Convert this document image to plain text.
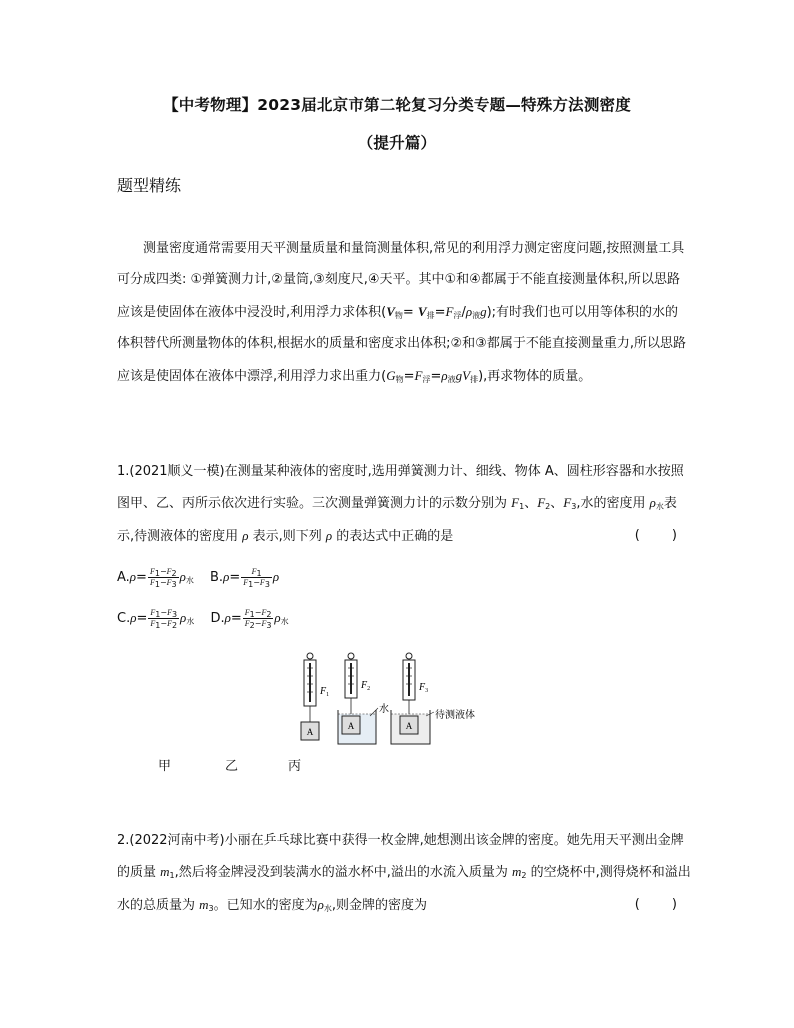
【中考物理】2023届北京市第二轮复习分类专题—特殊方法测密度
（提升篇）
题型精练
测量密度通常需要用天平测量质量和量筒测量体积,常见的利用浮力测定密度问题,按照测量工具可分成四类: ①弹簧测力计,②量筒,③刻度尺,④天平。其中①和④都属于不能直接测量体积,所以思路应该是使固体在液体中浸没时,利用浮力求体积$(V_物= V_排=F_浮/\rho_液g)$;有时我们也可以用等体积的水的体积替代所测量物体的体积,根据水的质量和密度求出体积;②和③都属于不能直接测量重力,所以思路应该是使固体在液体中漂浮,利用浮力求出重力$(G_物=F_浮=\rho_液gV_排)$,再求物体的质量。
1.(2021顺义一模)在测量某种液体的密度时,选用弹簧测力计、细线、物体 A、圆柱形容器和水按照图甲、乙、丙所示依次进行实验。三次测量弹簧测力计的示数分别为 $F_1$、$F_2$、$F_3$,水的密度用 $\rho_水$表示,待测液体的密度用 ρ 表示,则下列 ρ 的表达式中正确的是	( )
$A.\rho= \frac{F_1-F_2}{F_1-F_3} \rho_水$ $B.\rho= \frac{F_1}{F_1-F_3}$ ρ
$C.\rho= \frac{F_1-F_3}{F_1-F_2} \rho_水$ $D.\rho= \frac{F_1-F_2}{F_2-F_3} \rho_水$
A
$F_1$
A
$F_2$
水
A
$F_3$
待测液体
甲	乙	丙
2.(2022河南中考)小丽在乒乓球比赛中获得一枚金牌,她想测出该金牌的密度。她先用天平测出金牌的质量 $m_1$,然后将金牌浸没到装满水的溢水杯中,溢出的水流入质量为 $m_2$ 的空烧杯中,测得烧杯和溢出水的总质量为 $m_3$。已知水的密度为$\rho_水$,则金牌的密度为	( )
